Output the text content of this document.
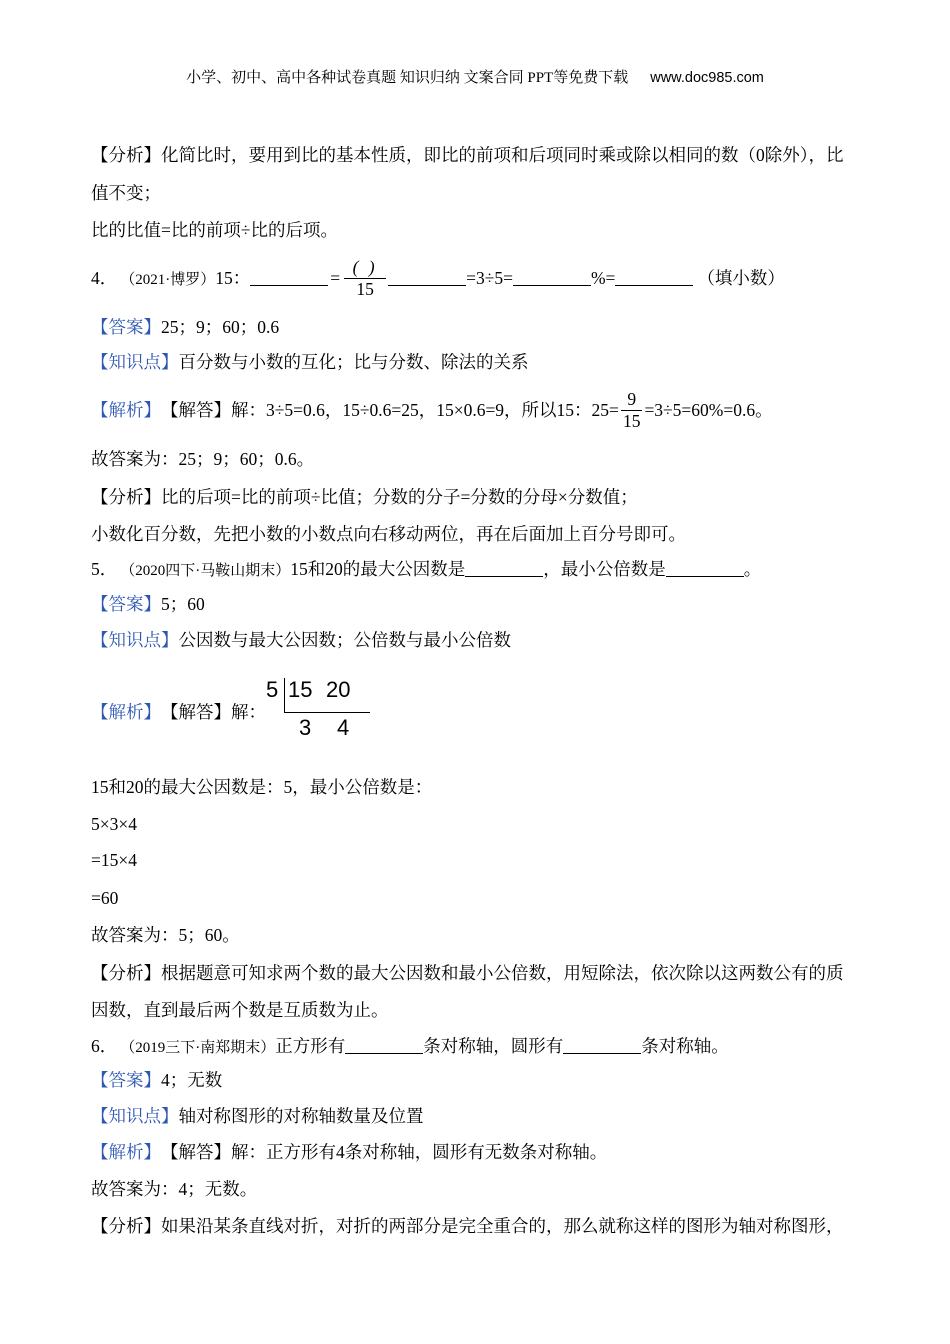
小学、初中、高中各种试卷真题 知识归纳 文案合同 PPT等免费下载 www.doc985.com
【分析】 化简比时，要用到比的基本性质，即比的前项和后项同时乘或除以相同的数（0除外），比
值不变；
比的比值=比的前项÷比的后项。
4． （2021·博罗） 15：	= $\frac{( )}{15}$	=3÷5=	%=	（填小数）
【答案】 25；9；60；0.6
【知识点】 百分数与小数的互化；比与分数、除法的关系
【解析】 【解答】 解：3÷5=0.6，15÷0.6=25，15×0.6=9，所以15：$25= \frac{9}{15} =3\div 5=60\%=0.6$。
故答案为：25；9；60；0.6。
【分析】 比的后项=比的前项÷比值；分数的分子=分数的分母×分数值；
小数化百分数，先把小数的小数点向右移动两位，再在后面加上百分号即可。
5． （2020四下·马鞍山期末） 15和20的最大公因数是	，最小公倍数是	。
【答案】 5；60
【知识点】 公因数与最大公因数；公倍数与最小公倍数
【解析】 【解答】 解：
5 15 20
3 4
15和20的最大公因数是：5，最小公倍数是：
5×3×4
=15×4
=60
故答案为：5；60。
【分析】 根据题意可知求两个数的最大公因数和最小公倍数，用短除法，依次除以这两数公有的质
因数，直到最后两个数是互质数为止。
6． （2019三下·南郑期末） 正方形有	条对称轴，圆形有	条对称轴。
【答案】 4；无数
【知识点】 轴对称图形的对称轴数量及位置
【解析】 【解答】 解：正方形有4条对称轴，圆形有无数条对称轴。
故答案为：4；无数。
【分析】 如果沿某条直线对折，对折的两部分是完全重合的，那么就称这样的图形为轴对称图形，
